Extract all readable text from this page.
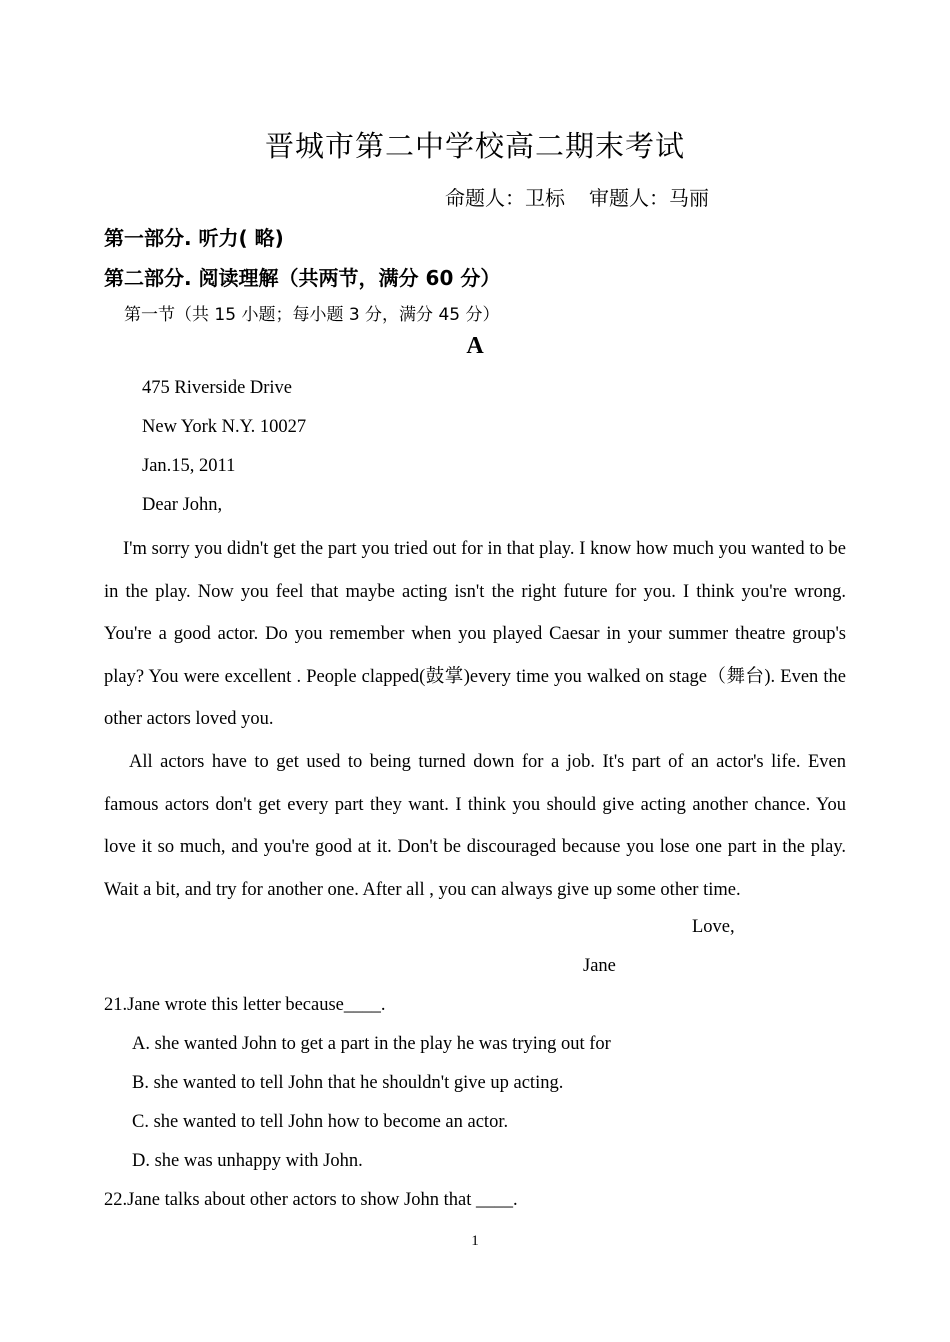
晋城市第二中学校高二期末考试
命题人：卫标 审题人：马丽
第一部分. 听力( 略)
第二部分. 阅读理解（共两节，满分 60 分）
第一节（共 15 小题；每小题 3 分，满分 45 分）
A
475 Riverside Drive
New York N.Y. 10027
Jan.15, 2011
Dear John,
I'm sorry you didn't get the part you tried out for in that play. I know how much you wanted to be in the play. Now you feel that maybe acting isn't the right future for you. I think you're wrong. You're a good actor. Do you remember when you played Caesar in your summer theatre group's play? You were excellent . People clapped(鼓掌)every time you walked on stage（舞台). Even the other actors loved you.
All actors have to get used to being turned down for a job. It's part of an actor's life. Even famous actors don't get every part they want. I think you should give acting another chance. You love it so much, and you're good at it. Don't be discouraged because you lose one part in the play. Wait a bit, and try for another one. After all , you can always give up some other time.
Love,
Jane
21.Jane wrote this letter because____.
A. she wanted John to get a part in the play he was trying out for
B. she wanted to tell John that he shouldn't give up acting.
C. she wanted to tell John how to become an actor.
D. she was unhappy with John.
22.Jane talks about other actors to show John that ____.
1
